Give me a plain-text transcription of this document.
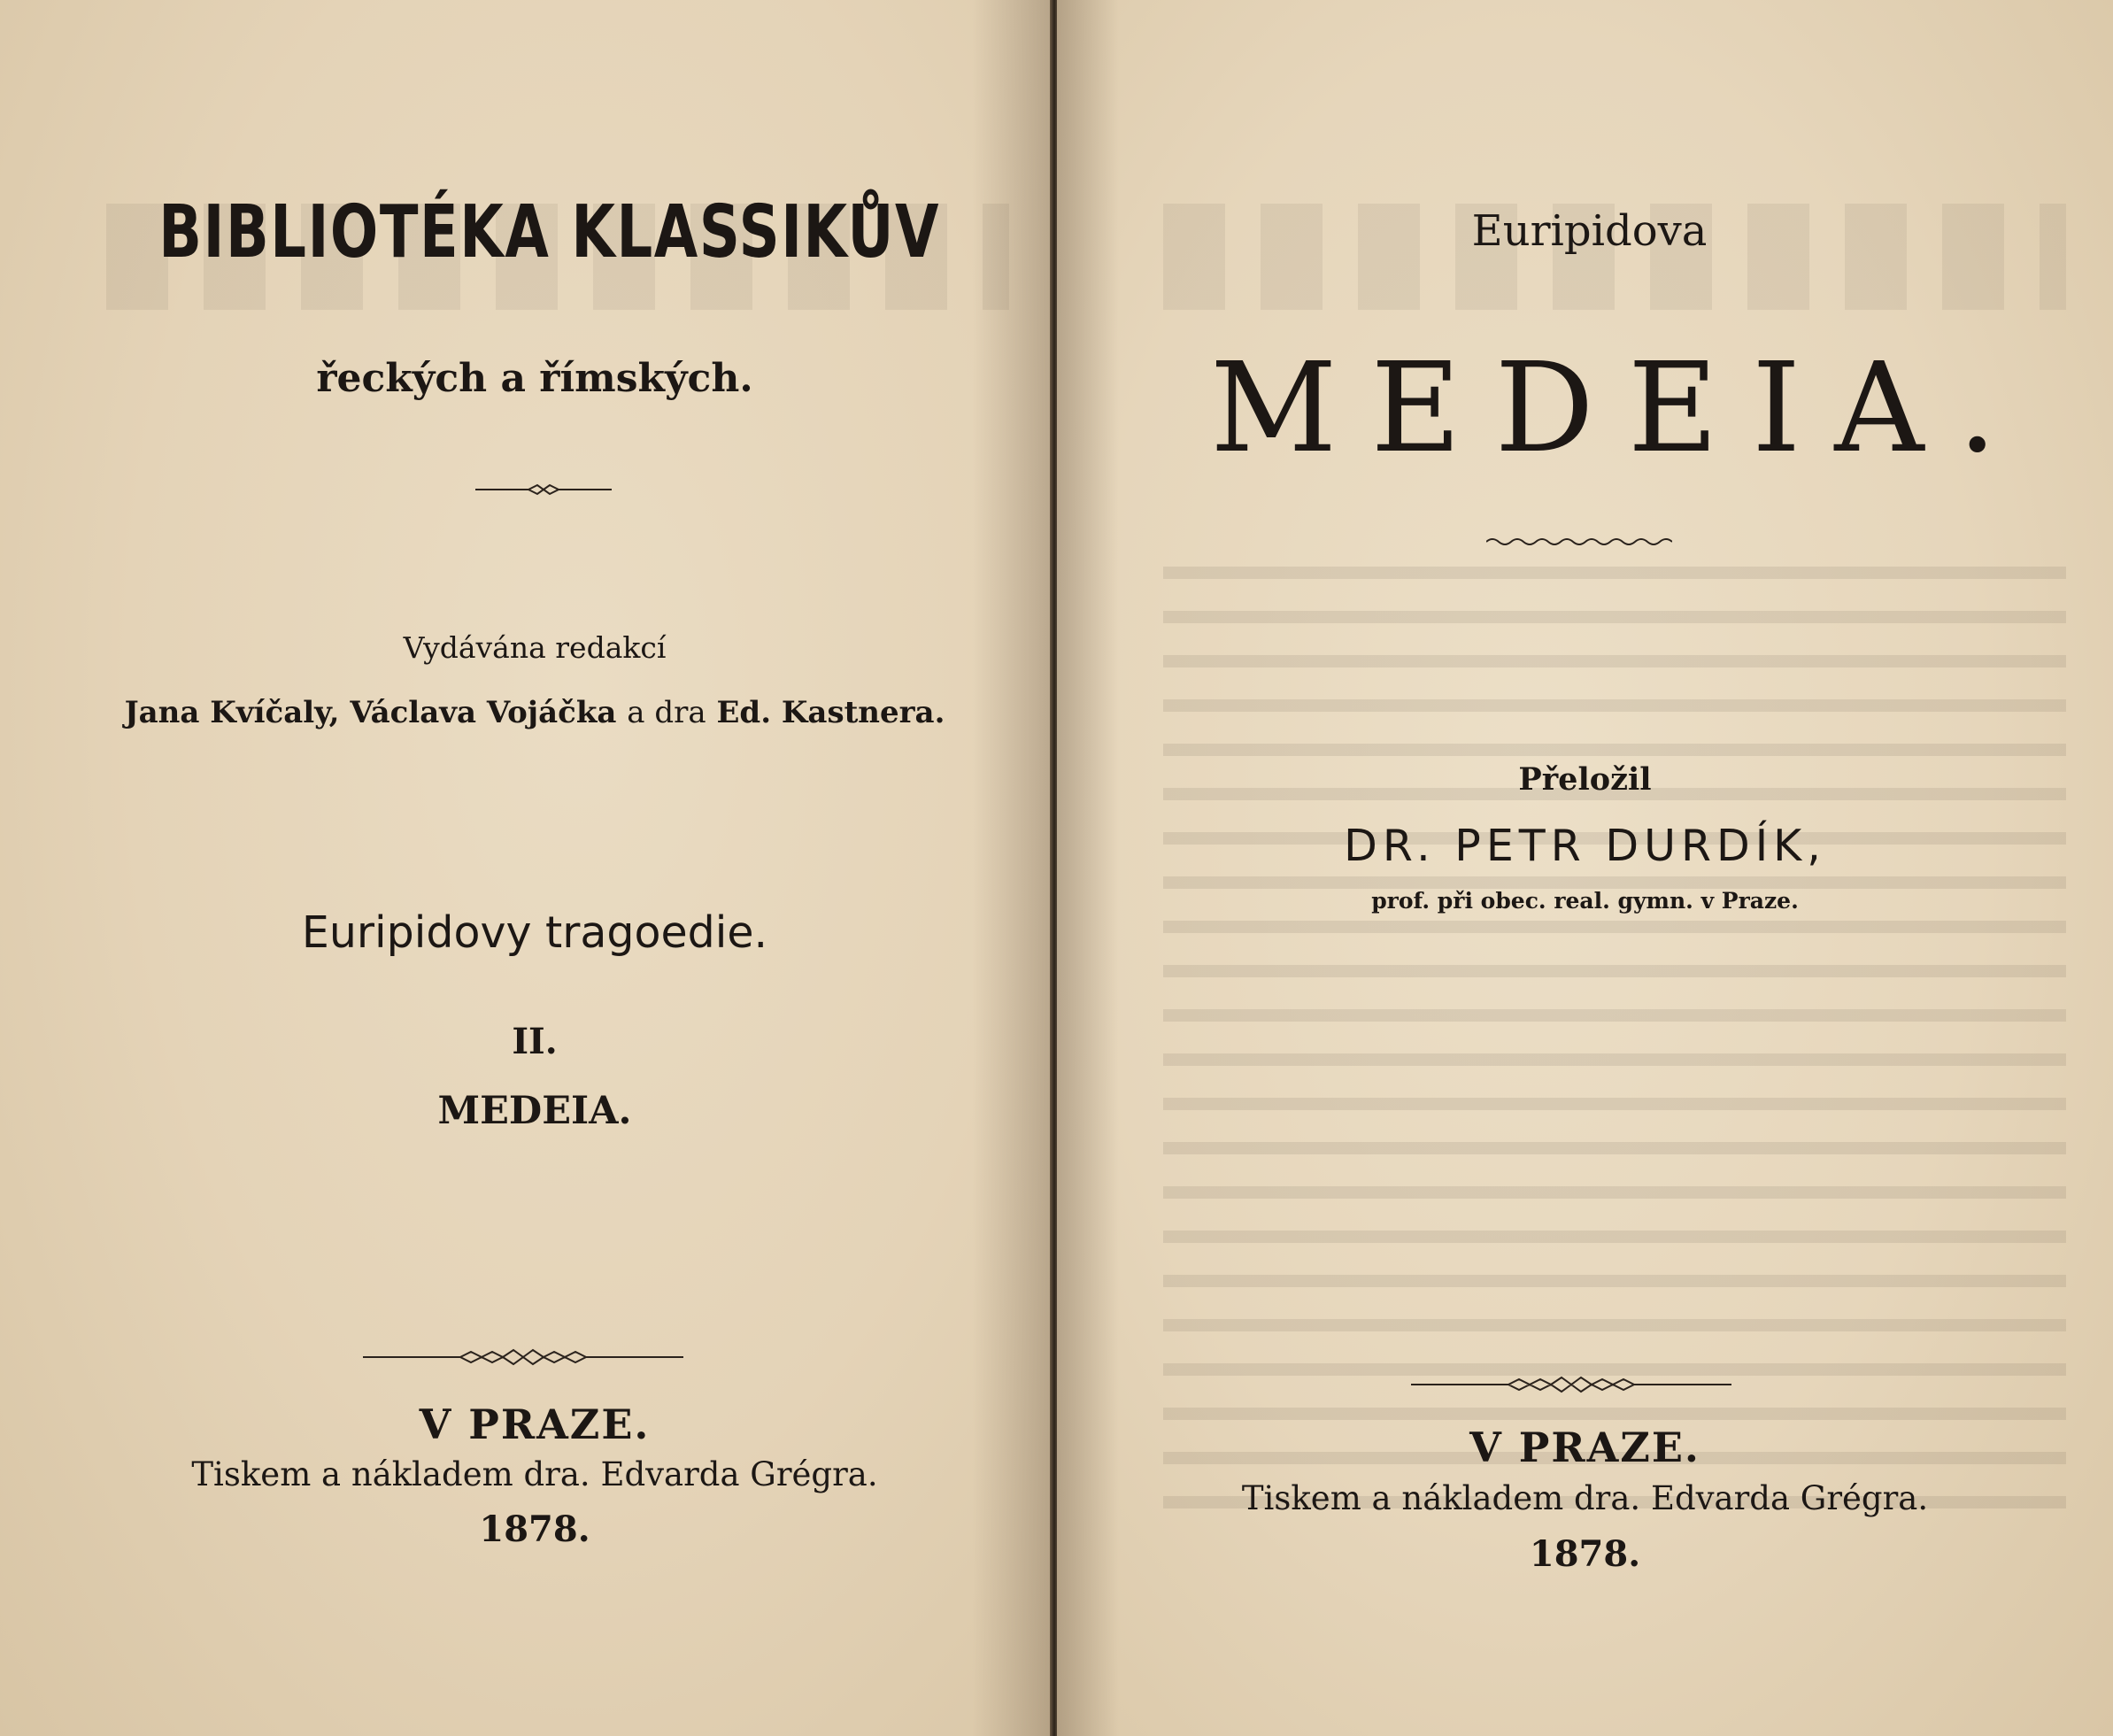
BIBLIOTÉKA KLASSIKŮV
řeckých a římských.
Vydávána redakcí
Jana Kvíčaly, Václava Vojáčka a dra Ed. Kastnera.
Euripidovy tragoedie.
II.
MEDEIA.
V PRAZE.
Tiskem a nákladem dra. Edvarda Grégra.
1878.
Euripidova
MEDEIA.
Přeložil
DR. PETR DURDÍK,
prof. při obec. real. gymn. v Praze.
V PRAZE.
Tiskem a nákladem dra. Edvarda Grégra.
1878.
